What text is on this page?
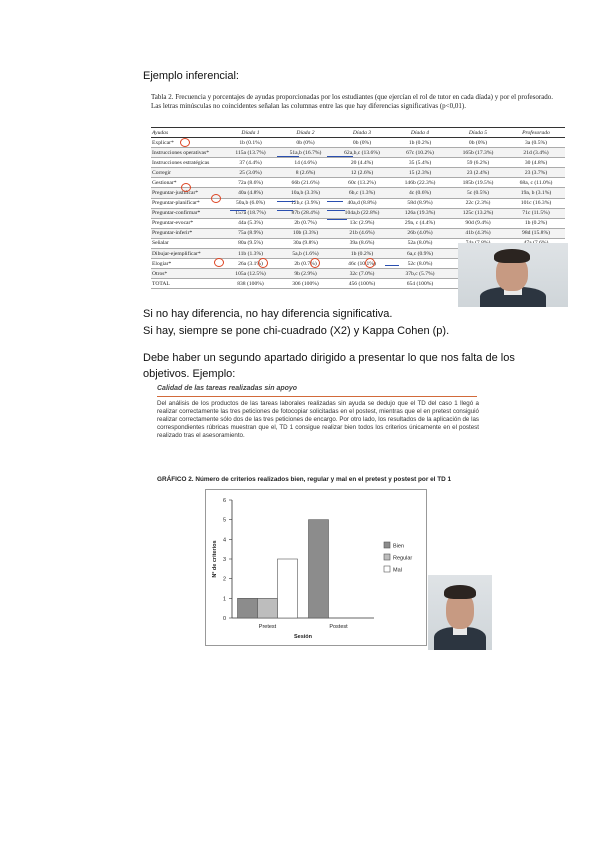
Ejemplo inferencial:
Tabla 2. Frecuencia y porcentajes de ayudas proporcionadas por los estudiantes (que ejercían el rol de tutor en cada díada) y por el profesorado. Las letras minúsculas no coincidentes señalan las columnas entre las que hay diferencias significativas (p<0,01).
Ayudas	Díada 1	Díada 2	Díada 3	Díada 4	Díada 5	Profesorado
Explicar*	1b (0.1%)	0b (0%)	0b (0%)	1b (0.2%)	0b (0%)	3a (0.5%)
Instrucciones operativas*	115a (13.7%)	51a,b (16.7%)	62a,b,c (13.6%)	67c (10.2%)	165b (17.3%)	21d (3.4%)
Instrucciones estratégicas	37 (4.4%)	14 (4.6%)	20 (4.4%)	35 (5.4%)	59 (6.2%)	30 (4.8%)
Corregir	25 (3.0%)	8 (2.6%)	12 (2.6%)	15 (2.3%)	23 (2.4%)	23 (3.7%)
Gestionar*	72a (8.6%)	66b (21.6%)	60c (13.2%)	146b (22.3%)	185b (19.5%)	68a, c (11.0%)
Preguntar-justificar*	40a (4.8%)	10a,b (3.3%)	6b,c (1.3%)	4c (0.6%)	5c (0.5%)	19a, b (3.1%)
Preguntar-planificar*	50a,b (6.0%)	12b,c (3.9%)	40a,d (8.8%)	58d (8.9%)	22c (2.3%)	101c (16.3%)
Preguntar-confirmar*	157a (18.7%)	87b (28.4%)	104a,b (22.8%)	126a (19.3%)	125c (13.2%)	71c (11.5%)
Preguntar-evocar*	44a (5.3%)	2b (0.7%)	13c (2.9%)	29a, c (4.4%)	90d (9.4%)	1b (0.2%)
Preguntar-inferir*	75a (8.9%)	10b (3.3%)	21b (4.6%)	26b (4.0%)	41b (4.3%)	98d (15.8%)
Señalar	80a (9.5%)	30a (9.8%)	39a (8.6%)	52a (8.0%)		
Dibujar-ejemplificar*	11b (1.3%)	5a,b (1.6%)	1b (0.2%)	6a,c (0.9%)		
Elogiar*	26a (3.1%)	2b (0.7%)	46c (10.1%)	52c (8.0%)		
Otros*	105a (12.5%)	9b (2.9%)	32c (7.0%)	37b,c (5.7%)		
TOTAL	838 (100%)	306 (100%)	456 (100%)	654 (100%)		
Si no hay diferencia, no hay diferencia significativa.
Si hay, siempre se pone chi-cuadrado (X2) y Kappa Cohen (p).
Debe haber un segundo apartado dirigido a presentar lo que nos falta de los objetivos. Ejemplo:
Calidad de las tareas realizadas sin apoyo
Del análisis de los productos de las tareas laborales realizadas sin ayuda se dedujo que el TD del caso 1 llegó a realizar correctamente las tres peticiones de fotocopiar solicitadas en el postest, mientras que el en pretest consiguió realizar correctamente sólo dos de las tres peticiones de encargo. Por otro lado, los resultados de la aplicación de las correspondientes rúbricas muestran que el, TD 1 consigue realizar bien todos los criterios únicamente en el postest realizado tras el asesoramiento.
GRÁFICO 2. Número de criterios realizados bien, regular y mal en el pretest y postest por el TD 1
0
1
2
3
4
5
6
Nº de criterios
Pretest	Postest
Sesión
Bien
Regular
Mal
